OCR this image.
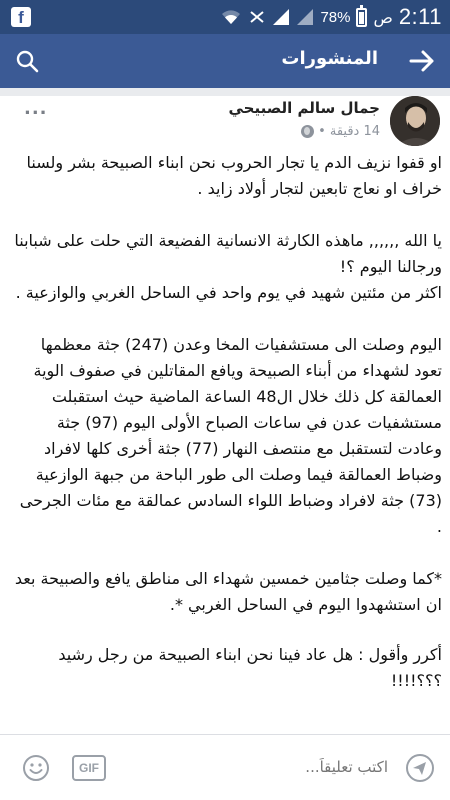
f	78% ص 2:11
المنشورات
جمال سالم الصبيحي
14 دقيقة
•
...

او قفوا نزيف الدم يا تجار الحروب نحن ابناء الصبيحة بشر ولسنا خراف او نعاج تابعين لتجار أولاد زايد .

يا الله ,,,,,, ماهذه الكارثة الانسانية الفضيعة التي حلت على شبابنا ورجالنا اليوم ؟!

اكثر من مئتين شهيد في يوم واحد في الساحل الغربي والوازعية .

اليوم وصلت الى مستشفيات المخا وعدن (247) جثة معظمها تعود لشهداء من أبناء الصبيحة ويافع المقاتلين في صفوف الوية العمالقة كل ذلك خلال ال48 الساعة الماضية حيث استقبلت مستشفيات عدن في ساعات الصباح الأولى اليوم (97) جثة وعادت لتستقبل مع منتصف النهار (77) جثة أخرى كلها لافراد وضباط العمالقة فيما وصلت الى طور الباحة من جبهة الوازعية (73) جثة لافراد وضباط اللواء السادس عمالقة مع مئات الجرحى .

*كما وصلت جثامين خمسين شهداء الى مناطق يافع والصبيحة بعد ان استشهدوا اليوم في الساحل الغربي *.

أكرر وأقول : هل عاد فينا نحن ابناء الصبيحة من رجل رشيد ؟؟؟!!!!

اكتب تعليقاً...
GIF
